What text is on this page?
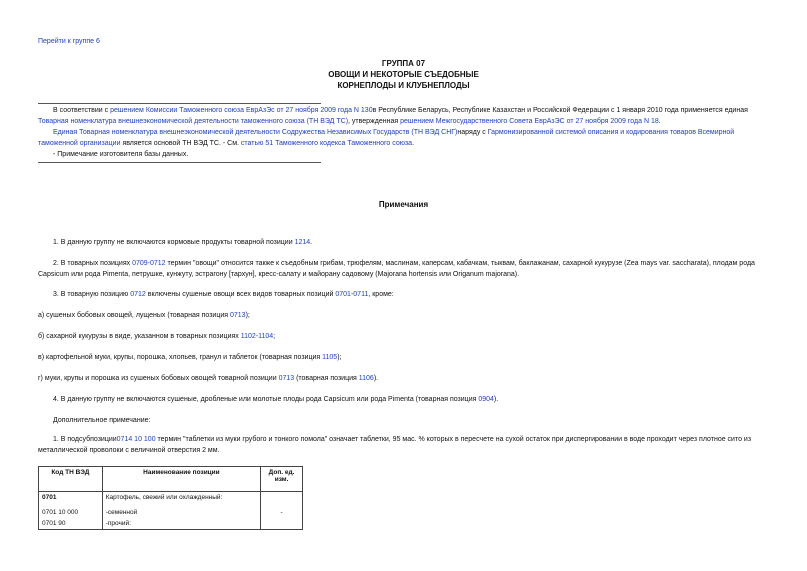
Перейти к группе 6
ГРУППА 07
ОВОЩИ И НЕКОТОРЫЕ СЪЕДОБНЫЕ
КОРНЕПЛОДЫ И КЛУБНЕПЛОДЫ
В соответствии с решением Комиссии Таможенного союза ЕврАзЭс от 27 ноября 2009 года N 130в Республике Беларусь, Республике Казахстан и Российской Федерации с 1 января 2010 года применяется единая Товарная номенклатура внешнеэкономической деятельности таможенного союза (ТН ВЭД ТС), утвержденная решением Межгосударственного Совета ЕврАзЭС от 27 ноября 2009 года N 18.
Единая Товарная номенклатура внешнеэкономической деятельности Содружества Независимых Государств (ТН ВЭД СНГ)наряду с Гармонизированной системой описания и кодирования товаров Всемирной таможенной организации является основой ТН ВЭД ТС. - См. статью 51 Таможенного кодекса Таможенного союза.
- Примечание изготовителя базы данных.
Примечания
1. В данную группу не включаются кормовые продукты товарной позиции 1214.
2. В товарных позициях 0709-0712 термин "овощи" относится также к съедобным грибам, трюфелям, маслинам, каперсам, кабачкам, тыквам, баклажанам, сахарной кукурузе (Zea mays var. saccharata), плодам рода Capsicum или рода Pimenta, петрушке, кунжуту, эстрагону [тархун], кресс-салату и майорану садовому (Majorana hortensis или Origanum majorana).
3. В товарную позицию 0712 включены сушеные овощи всех видов товарных позиций 0701-0711, кроме:
а) сушеных бобовых овощей, лущеных (товарная позиция 0713);
б) сахарной кукурузы в виде, указанном в товарных позициях 1102-1104;
в) картофельной муки, крупы, порошка, хлопьев, гранул и таблеток (товарная позиция 1105);
г) муки, крупы и порошка из сушеных бобовых овощей товарной позиции 0713 (товарная позиция 1106).
4. В данную группу не включаются сушеные, дробленые или молотые плоды рода Capsicum или рода Pimenta (товарная позиция 0904).
Дополнительное примечание:
1. В подсубпозиции0714 10 100 термин "таблетки из муки грубого и тонкого помола" означает таблетки, 95 мас. % которых в пересчете на сухой остаток при диспергировании в воде проходит через плотное сито из металлической проволоки с величиной отверстия 2 мм.
Код ТН ВЭД	Наименование позиции	Доп. ед. изм.
0701	Картофель, свежий или охлажденный:	
0701 10 000	-семенной	-
0701 90	-прочий:	
